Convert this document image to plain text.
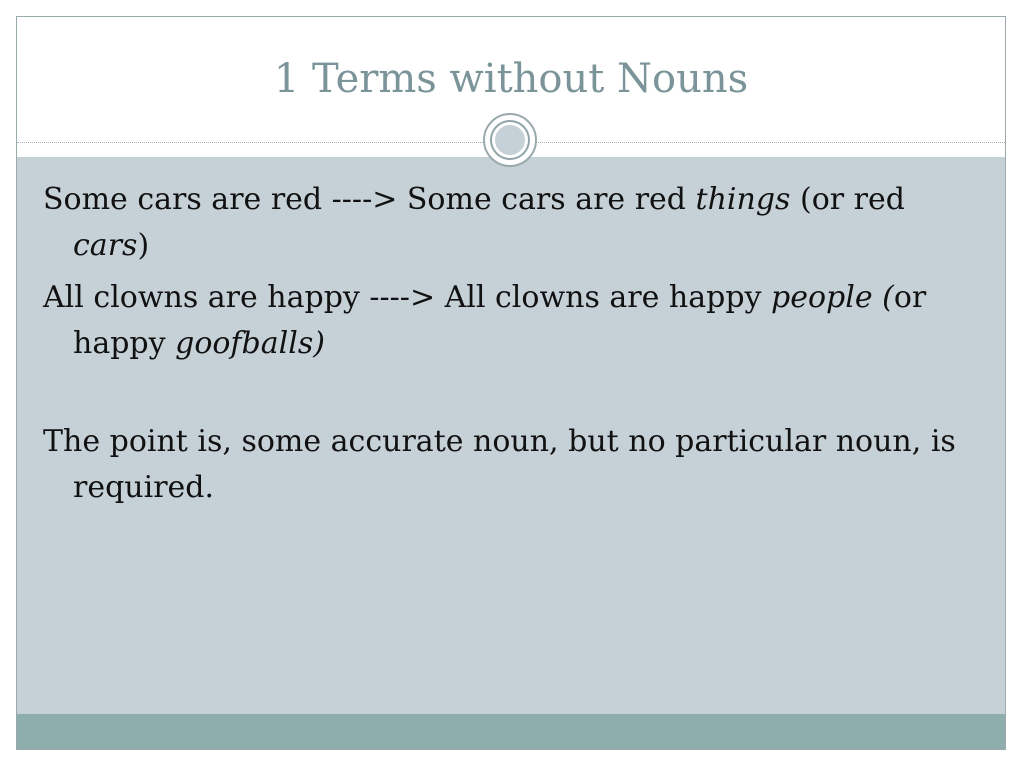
1 Terms without Nouns

Some cars are red ----> Some cars are red things (or red cars)

All clowns are happy ----> All clowns are happy people (or happy goofballs)

The point is, some accurate noun, but no particular noun, is required.
